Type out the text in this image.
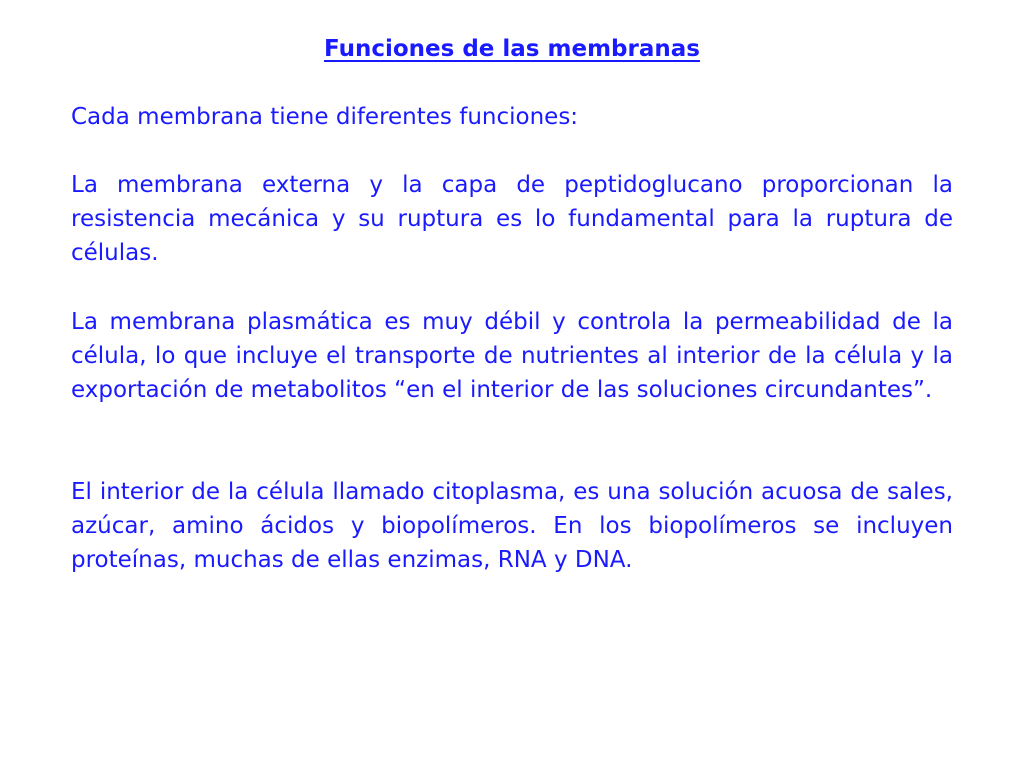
Funciones de las membranas

Cada membrana tiene diferentes funciones:

La membrana externa y la capa de peptidoglucano proporcionan la resistencia mecánica y su ruptura es lo fundamental para la ruptura de células.

La membrana plasmática es muy débil y controla la permeabilidad de la célula, lo que incluye el transporte de nutrientes al interior de la célula y la exportación de metabolitos “en el interior de las soluciones circundantes”.

El interior de la célula llamado citoplasma, es una solución acuosa de sales, azúcar, amino ácidos y biopolímeros. En los biopolímeros se incluyen proteínas, muchas de ellas enzimas, RNA y DNA.
